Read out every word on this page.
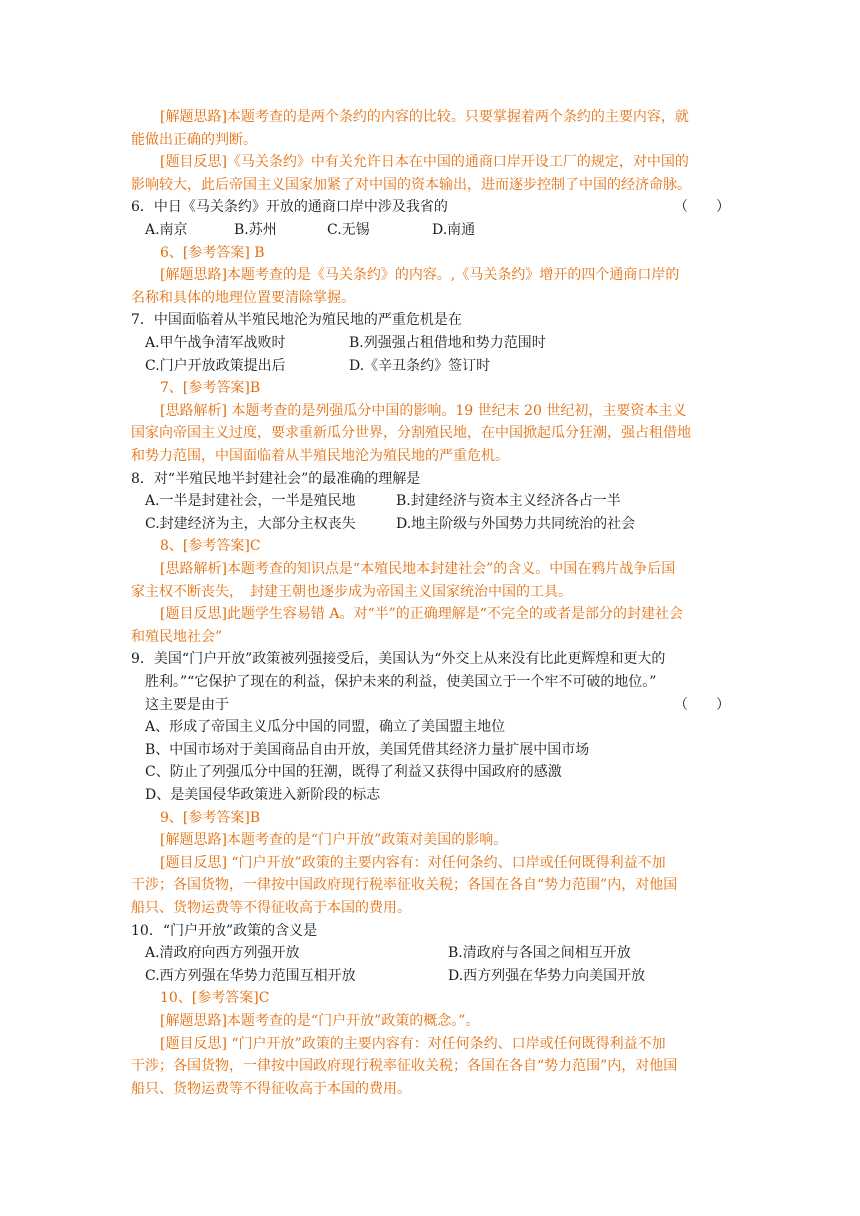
[解题思路]本题考查的是两个条约的内容的比较。只要掌握着两个条约的主要内容，就
能做出正确的判断。
[题目反思]《马关条约》中有关允许日本在中国的通商口岸开设工厂的规定，对中国的
影响较大，此后帝国主义国家加紧了对中国的资本输出，进而逐步控制了中国的经济命脉。
6．中日《马关条约》开放的通商口岸中涉及我省的	（　　）
A.南京	B.苏州	C.无锡	D.南通
6、[参考答案] B
[解题思路]本题考查的是《马关条约》的内容。,《马关条约》增开的四个通商口岸的
名称和具体的地理位置要清除掌握。
7．中国面临着从半殖民地沦为殖民地的严重危机是在
A.甲午战争清军战败时	B.列强强占租借地和势力范围时
C.门户开放政策提出后	D.《辛丑条约》签订时
7、[参考答案]B
[思路解析] 本题考查的是列强瓜分中国的影响。19 世纪末 20 世纪初，主要资本主义
国家向帝国主义过度，要求重新瓜分世界，分割殖民地，在中国掀起瓜分狂潮，强占租借地
和势力范围，中国面临着从半殖民地沦为殖民地的严重危机。
8．对“半殖民地半封建社会”的最准确的理解是
A.一半是封建社会，一半是殖民地	B.封建经济与资本主义经济各占一半
C.封建经济为主，大部分主权丧失	D.地主阶级与外国势力共同统治的社会
8、[参考答案]C
[思路解析]本题考查的知识点是“本殖民地本封建社会”的含义。中国在鸦片战争后国
家主权不断丧失，　封建王朝也逐步成为帝国主义国家统治中国的工具。
[题目反思]此题学生容易错 A。对“半”的正确理解是“不完全的或者是部分的封建社会
和殖民地社会”
9．美国“门户开放”政策被列强接受后，美国认为“外交上从来没有比此更辉煌和更大的
胜利。”“它保护了现在的利益，保护未来的利益，使美国立于一个牢不可破的地位。”
这主要是由于	（　　）
A、形成了帝国主义瓜分中国的同盟，确立了美国盟主地位
B、中国市场对于美国商品自由开放，美国凭借其经济力量扩展中国市场
C、防止了列强瓜分中国的狂潮，既得了利益又获得中国政府的感激
D、是美国侵华政策进入新阶段的标志
9、[参考答案]B
[解题思路]本题考查的是“门户开放”政策对美国的影响。
[题目反思] “门户开放”政策的主要内容有：对任何条约、口岸或任何既得利益不加
干涉；各国货物，一律按中国政府现行税率征收关税；各国在各自“势力范围”内，对他国
船只、货物运费等不得征收高于本国的费用。
10．“门户开放”政策的含义是
A.清政府向西方列强开放	B.清政府与各国之间相互开放
C.西方列强在华势力范围互相开放	D.西方列强在华势力向美国开放
10、[参考答案]C
[解题思路]本题考查的是“门户开放”政策的概念。”。
[题目反思] “门户开放”政策的主要内容有：对任何条约、口岸或任何既得利益不加
干涉；各国货物，一律按中国政府现行税率征收关税；各国在各自“势力范围”内，对他国
船只、货物运费等不得征收高于本国的费用。
